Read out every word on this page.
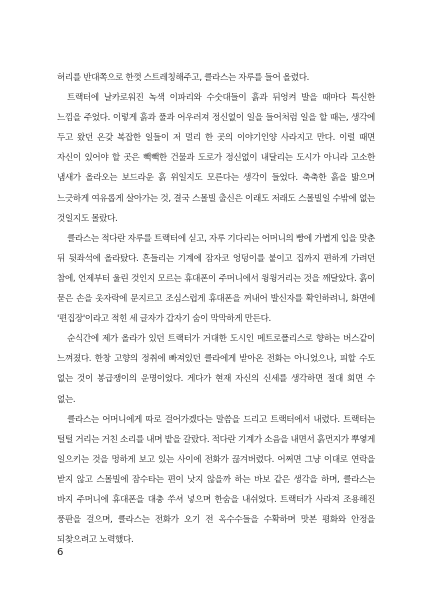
허리를 반대쪽으로 한껏 스트레칭해주고, 클라스는 자루를 들어 올렸다.

트랙터에 날카로워진 녹색 이파리와 수숫대들이 흙과 뒤엉켜 발을 때마다 특신한 느낌을 주었다. 이렇게 흙과 풀과 어우러져 정신없이 일을 들어처럼 일을 할 때는, 생각에 두고 왔던 온갖 복잡한 일들이 저 멀리 한 곳의 이야기인양 사라지고 만다. 이럴 때면 자신이 있어야 할 곳은 빽빽한 건물과 도로가 정신없이 내달리는 도시가 아니라 고소한 냄새가 올라오는 보드라운 흙 위일지도 모른다는 생각이 들었다. 축축한 흙을 밟으며 느긋하게 여유롭게 살아가는 것, 결국 스몰빌 출신은 이래도 저래도 스몰빌일 수밖에 없는 것일지도 몰랐다.

클라스는 적다란 자루를 트랙터에 싣고, 자루 기다리는 어머니의 빵에 가볍게 입을 맞춘 뒤 뒷좌석에 올라탔다. 흔들리는 기계에 잠자코 엉덩이를 붙이고 집까지 편하게 가려던 참에, 언제부터 울린 것인지 모르는 휴대폰이 주머니에서 윙윙거리는 것을 깨달았다. 흙이 묻은 손을 옷자락에 문지르고 조심스럽게 휴대폰을 꺼내어 발신자를 확인하려니, 화면에 '편집장'이라고 적힌 세 글자가 갑자기 숨이 막막하게 만든다.

순식간에 제가 올라가 있던 트랙터가 거대한 도시인 메트로폴리스로 향하는 버스같이 느껴졌다. 한창 고향의 정취에 빠져있던 클라에게 받아온 전화는 아니었으나, 피할 수도 없는 것이 봉급쟁이의 운명이었다. 게다가 현재 자신의 신세를 생각하면 절대 회면 수 없는.

클라스는 어머니에게 따로 걸어가겠다는 말씀을 드리고 트랙터에서 내렸다. 트랙터는 털털 거리는 거친 소리를 내며 밭을 갈랐다. 적다란 기계가 소음을 내면서 흙먼지가 뿌옇게 일으키는 것을 멍하게 보고 있는 사이에 전화가 끊겨버렸다. 어쩌면 그냥 이대로 연락을 받지 않고 스몰빌에 잠수타는 편이 낫지 않을까 하는 바보 같은 생각을 하며, 클라스는 바지 주머니에 휴대폰을 대충 쑤셔 넣으며 한숨을 내쉬었다. 트랙터가 사라져 조용해진 풍판을 걸으며, 클라스는 전화가 오기 전 옥수수들을 수확하며 맛본 평화와 안정을 되찾으려고 노력했다.

6
